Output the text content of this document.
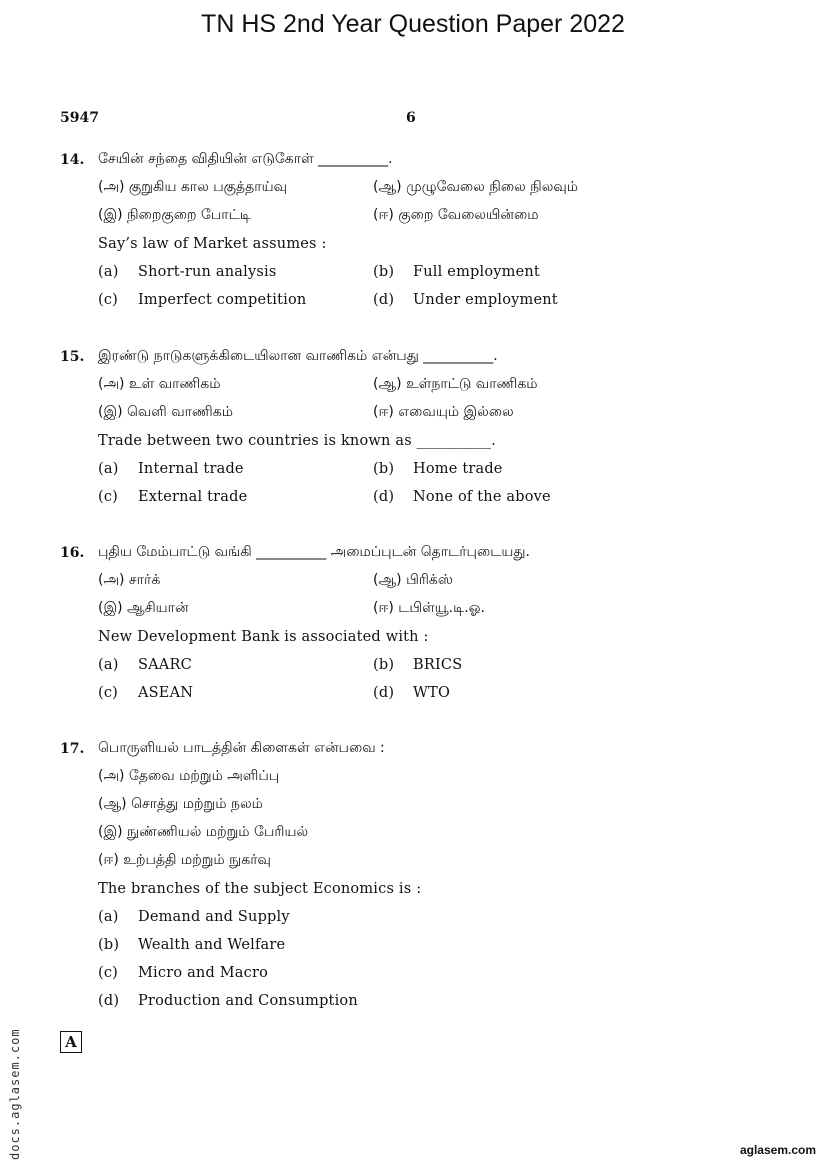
TN HS 2nd Year Question Paper 2022
5947	6
14. சேயின் சந்தை விதியின் எடுகோள் __________.
(அ) குறுகிய கால பகுத்தாய்வு	(ஆ) முழுவேலை நிலை நிலவும்
(இ) நிறைகுறை போட்டி	(ஈ) குறை வேலையின்மை
Say’s law of Market assumes :
(a) Short-run analysis	(b) Full employment
(c) Imperfect competition	(d) Under employment
15. இரண்டு நாடுகளுக்கிடையிலான வாணிகம் என்பது __________.
(அ) உள் வாணிகம்	(ஆ) உள்நாட்டு வாணிகம்
(இ) வெளி வாணிகம்	(ஈ) எவையும் இல்லை
Trade between two countries is known as __________.
(a) Internal trade	(b) Home trade
(c) External trade	(d) None of the above
16. புதிய மேம்பாட்டு வங்கி __________ அமைப்புடன் தொடர்புடையது.
(அ) சார்க்	(ஆ) பிரிக்ஸ்
(இ) ஆசியான்	(ஈ) டபிள்யூ.டி.ஓ.
New Development Bank is associated with :
(a) SAARC	(b) BRICS
(c) ASEAN	(d) WTO
17. பொருளியல் பாடத்தின் கிளைகள் என்பவை :
(அ) தேவை மற்றும் அளிப்பு
(ஆ) சொத்து மற்றும் நலம்
(இ) நுண்ணியல் மற்றும் பேரியல்
(ஈ) உற்பத்தி மற்றும் நுகர்வு
The branches of the subject Economics is :
(a) Demand and Supply
(b) Wealth and Welfare
(c) Micro and Macro
(d) Production and Consumption
A
docs.aglasem.com	aglasem.com
